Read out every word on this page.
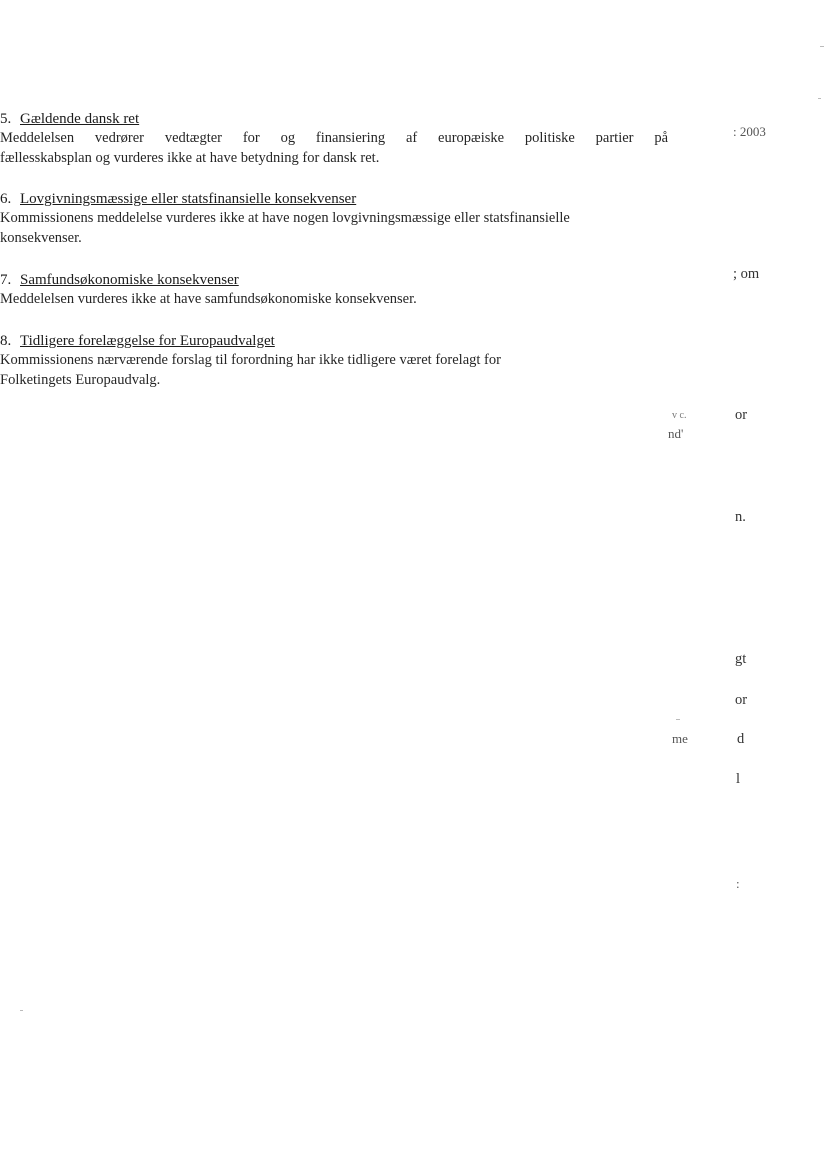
5. Gældende dansk ret

Meddelelsen vedrører vedtægter for og finansiering af europæiske politiske partier på

fællesskabsplan og vurderes ikke at have betydning for dansk ret.

6. Lovgivningsmæssige eller statsfinansielle konsekvenser

Kommissionens meddelelse vurderes ikke at have nogen lovgivningsmæssige eller statsfinansielle

konsekvenser.

7. Samfundsøkonomiske konsekvenser

Meddelelsen vurderes ikke at have samfundsøkonomiske konsekvenser.

8. Tidligere forelæggelse for Europaudvalget

Kommissionens nærværende forslag til forordning har ikke tidligere været forelagt for

Folketingets Europaudvalg.

: 2003
; om
or
n.
gt
or
d
l
:
nd'
me
v c.
